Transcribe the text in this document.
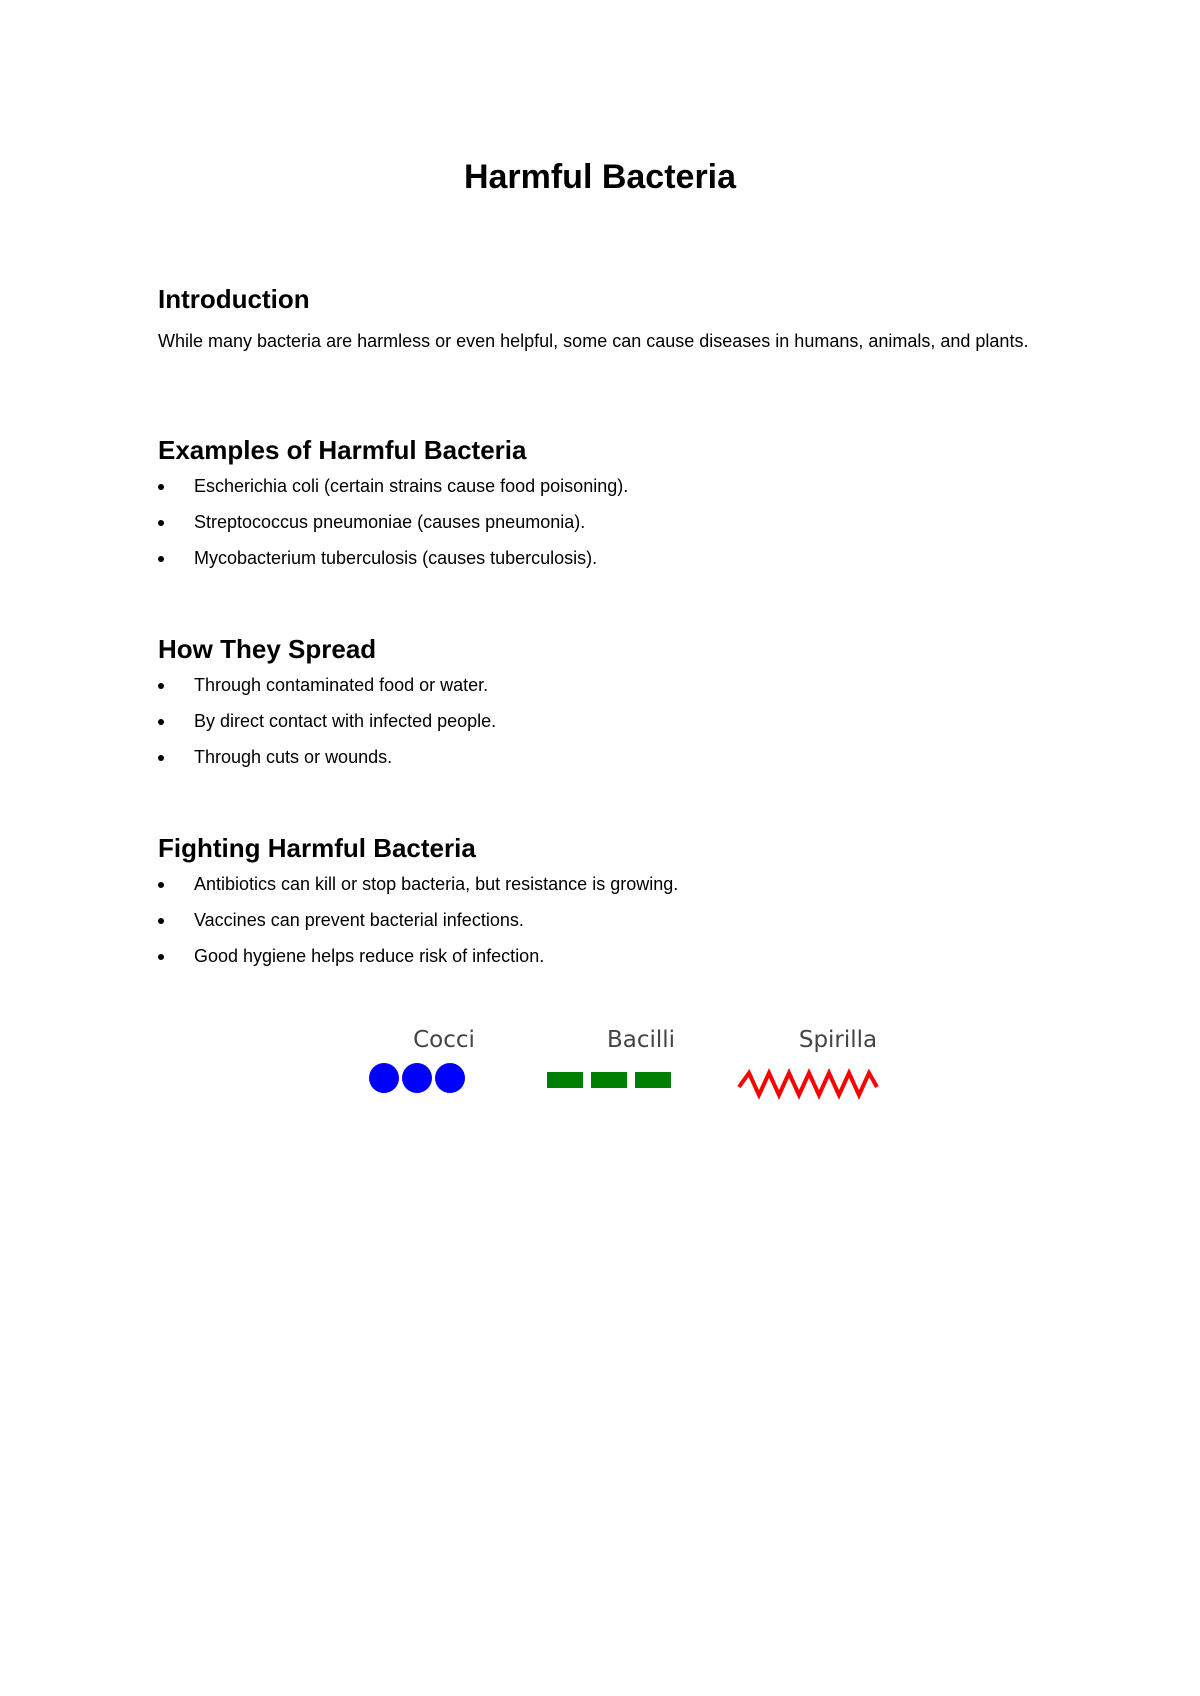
Harmful Bacteria
Introduction

While many bacteria are harmless or even helpful, some can cause diseases in humans, animals, and plants.

Examples of Harmful Bacteria
Escherichia coli (certain strains cause food poisoning).
Streptococcus pneumoniae (causes pneumonia).
Mycobacterium tuberculosis (causes tuberculosis).
How They Spread
Through contaminated food or water.
By direct contact with infected people.
Through cuts or wounds.
Fighting Harmful Bacteria
Antibiotics can kill or stop bacteria, but resistance is growing.
Vaccines can prevent bacterial infections.
Good hygiene helps reduce risk of infection.
Cocci	Bacilli	Spirilla
